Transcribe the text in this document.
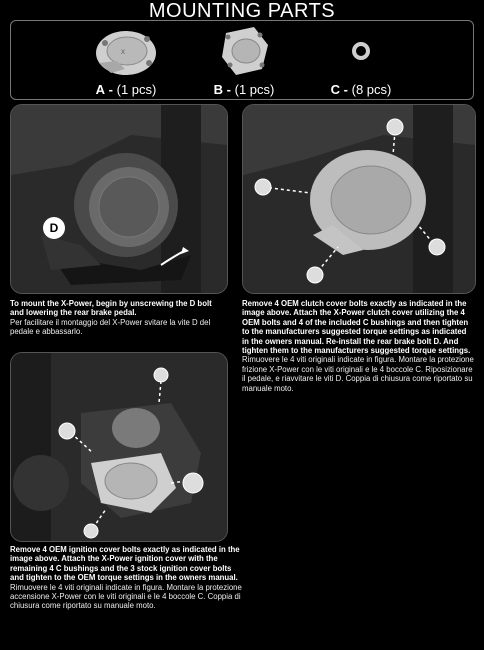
MOUNTING PARTS
X
A - (1 pcs)	B - (1 pcs)	C - (8 pcs)
D
To mount the X-Power, begin by unscrewing the D bolt and lowering the rear brake pedal.
Per facilitare il montaggio del X-Power svitare la vite D del pedale e abbassarlo.
Remove 4 OEM clutch cover bolts exactly as indicated in the image above. Attach the X-Power clutch cover utilizing the 4 OEM bolts and 4 of the included C bushings and then tighten to the manufacturers suggested torque settings as indicated in the owners manual. Re-install the rear brake bolt D. And tighten them to the manufacturers suggested torque settings.
Rimuovere le 4 viti originali indicate in figura. Montare la protezione frizione X-Power con le viti originali e le 4 boccole C. Riposizionare il pedale, e riavvitare le viti D. Coppia di chiusura come riportato su manuale moto.
Remove 4 OEM ignition cover bolts exactly as indicated in the image above. Attach the X-Power ignition cover with the remaining 4 C bushings and the 3 stock ignition cover bolts and tighten to the OEM torque settings in the owners manual.
Rimuovere le 4 viti originali indicate in figura. Montare la protezione accensione X-Power con le viti originali e le 4 boccole C. Coppia di chiusura come riportato su manuale moto.
